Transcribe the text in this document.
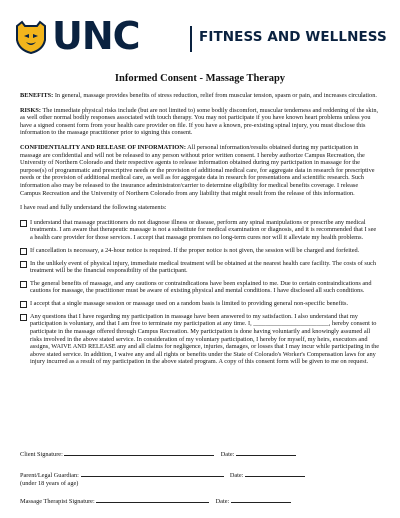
UNC	FITNESS AND WELLNESS
Informed Consent - Massage Therapy

BENEFITS: In general, massage provides benefits of stress reduction, relief from muscular tension, spasm or pain, and increases circulation.

RISKS: The immediate physical risks include (but are not limited to) some bodily discomfort, muscular tenderness and reddening of the skin, as well other normal bodily responses associated with touch therapy. You may not participate if you have known heart problems unless you have a signed consent form from your health care provider on file. If you have a known, pre-existing spinal injury, you must disclose this information to the massage practitioner prior to signing this consent.

CONFIDENTIALITY AND RELEASE OF INFORMATION: All personal information/results obtained during my participation in massage are confidential and will not be released to any person without prior written consent. I hereby authorize Campus Recreation, the University of Northern Colorado and their respective agents to release information obtained during my participation in massage for the purpose(s) of programmatic and prescriptive needs or the provision of additional medical care, for aggregate data in research for prescriptive needs or the provision of additional medical care, as well as for aggregate data in research for presentations and scientific research. Such information also may be released to the insurance administrator/carrier to determine eligibility for medical benefits coverage. I release Campus Recreation and the University of Northern Colorado from any liability that might result from the release of this information.

I have read and fully understand the following statements:

I understand that massage practitioners do not diagnose illness or disease, perform any spinal manipulations or prescribe any medical treatments. I am aware that therapeutic massage is not a substitute for medical examination or diagnosis, and it is recommended that I see a health care provider for those services. I accept that massage promises no long-term cures nor will it alleviate my health problems.
If cancellation is necessary, a 24-hour notice is required. If the proper notice is not given, the session will be charged and forfeited.
In the unlikely event of physical injury, immediate medical treatment will be obtained at the nearest health care facility. The costs of such treatment will be the financial responsibility of the participant.
The general benefits of massage, and any cautions or contraindications have been explained to me. Due to certain contraindications and cautions for massage, the practitioner must be aware of existing physical and mental conditions. I have disclosed all such conditions.
I accept that a single massage session or massage used on a random basis is limited to providing general non-specific benefits.
Any questions that I have regarding my participation in massage have been answered to my satisfaction. I also understand that my participation is voluntary, and that I am free to terminate my participation at any time. I, ________________________, hereby consent to participate in the massage offered through Campus Recreation. My participation is done having voluntarily and knowingly assumed all risks involved in the above stated service. In consideration of my voluntary participation, I hereby for myself, my heirs, executors and assigns, WAIVE AND RELEASE any and all claims for negligence, injuries, damages, or losses that I may incur while participating in the above stated service. In addition, I waive any and all rights or benefits under the State of Colorado's Worker's Compensation laws for any injury incurred as a result of my participation in the above stated program. A copy of this consent form will be given to me on request.
Client Signature:	Date:
Parent/Legal Guardian:	Date:
(under 18 years of age)
Massage Therapist Signature:	Date:
